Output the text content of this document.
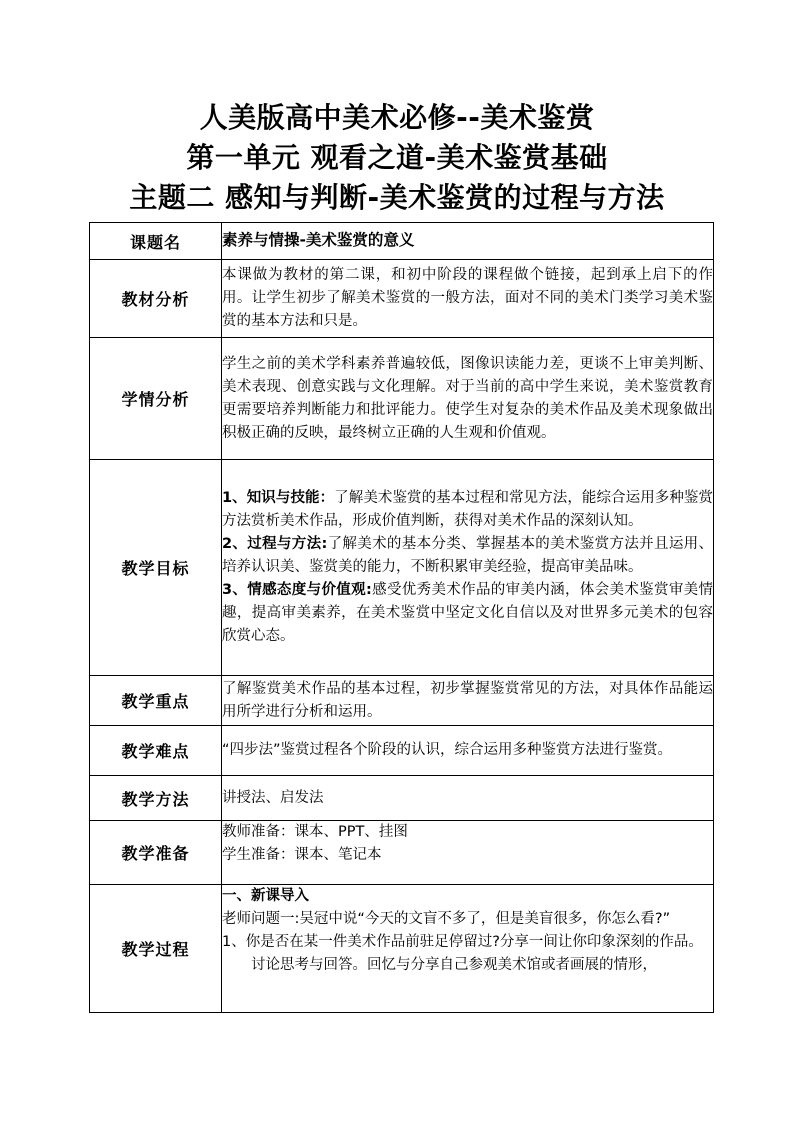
人美版高中美术必修--美术鉴赏
第一单元 观看之道-美术鉴赏基础
主题二 感知与判断-美术鉴赏的过程与方法
课题名	素养与情操-美术鉴赏的意义
教材分析	本课做为教材的第二课，和初中阶段的课程做个链接，起到承上启下的作用。让学生初步了解美术鉴赏的一般方法，面对不同的美术门类学习美术鉴赏的基本方法和只是。
学情分析	学生之前的美术学科素养普遍较低，图像识读能力差，更谈不上审美判断、美术表现、创意实践与文化理解。对于当前的高中学生来说，美术鉴赏教育更需要培养判断能力和批评能力。使学生对复杂的美术作品及美术现象做出积极正确的反映，最终树立正确的人生观和价值观。
教学目标	1、知识与技能：了解美术鉴赏的基本过程和常见方法，能综合运用多种鉴赏方法赏析美术作品，形成价值判断，获得对美术作品的深刻认知。

2、过程与方法:了解美术的基本分类、掌握基本的美术鉴赏方法并且运用、培养认识美、鉴赏美的能力，不断积累审美经验，提高审美品味。

3、情感态度与价值观:感受优秀美术作品的审美内涵，体会美术鉴赏审美情趣，提高审美素养，在美术鉴赏中坚定文化自信以及对世界多元美术的包容欣赏心态。

教学重点	了解鉴赏美术作品的基本过程，初步掌握鉴赏常见的方法，对具体作品能运用所学进行分析和运用。
教学难点	“四步法”鉴赏过程各个阶段的认识，综合运用多种鉴赏方法进行鉴赏。
教学方法	讲授法、启发法
教学准备	教师准备：课本、PPT、挂图
学生准备：课本、笔记本

教学过程	一、新课导入
老师问题一:吴冠中说“今天的文盲不多了，但是美盲很多，你怎么看?”
1、你是否在某一件美术作品前驻足停留过?分享一间让你印象深刻的作品。
讨论思考与回答。回忆与分享自己参观美术馆或者画展的情形，
